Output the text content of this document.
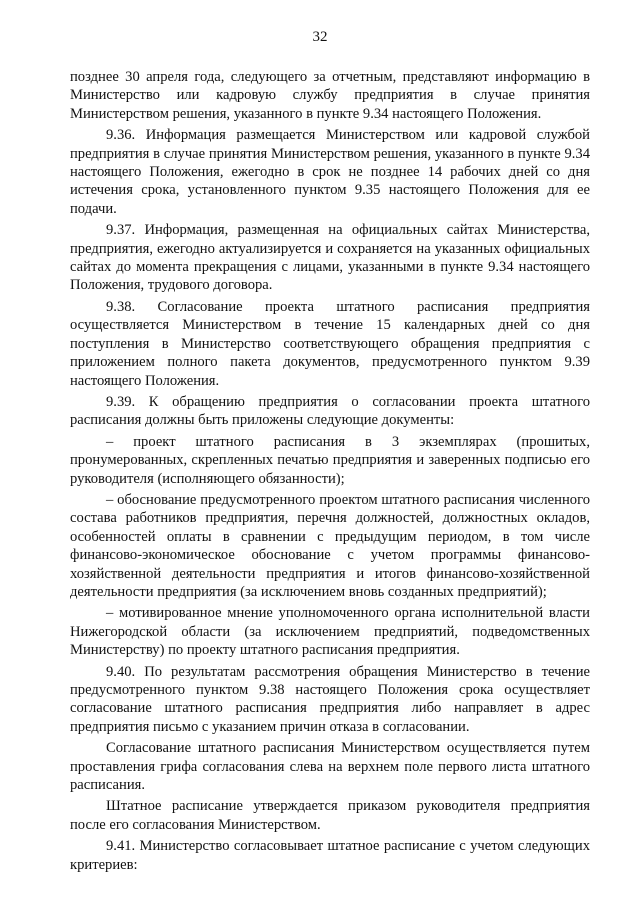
32

позднее 30 апреля года, следующего за отчетным, представляют информацию в Министерство или кадровую службу предприятия в случае принятия Министерством решения, указанного в пункте 9.34 настоящего Положения.

9.36. Информация размещается Министерством или кадровой службой предприятия в случае принятия Министерством решения, указанного в пункте 9.34 настоящего Положения, ежегодно в срок не позднее 14 рабочих дней со дня истечения срока, установленного пунктом 9.35 настоящего Положения для ее подачи.

9.37. Информация, размещенная на официальных сайтах Министерства, предприятия, ежегодно актуализируется и сохраняется на указанных официальных сайтах до момента прекращения с лицами, указанными в пункте 9.34 настоящего Положения, трудового договора.

9.38. Согласование проекта штатного расписания предприятия осуществляется Министерством в течение 15 календарных дней со дня поступления в Министерство соответствующего обращения предприятия с приложением полного пакета документов, предусмотренного пунктом 9.39 настоящего Положения.

9.39. К обращению предприятия о согласовании проекта штатного расписания должны быть приложены следующие документы:

– проект штатного расписания в 3 экземплярах (прошитых, пронумерованных, скрепленных печатью предприятия и заверенных подписью его руководителя (исполняющего обязанности);

– обоснование предусмотренного проектом штатного расписания численного состава работников предприятия, перечня должностей, должностных окладов, особенностей оплаты в сравнении с предыдущим периодом, в том числе финансово-экономическое обоснование с учетом программы финансово-хозяйственной деятельности предприятия и итогов финансово-хозяйственной деятельности предприятия (за исключением вновь созданных предприятий);

– мотивированное мнение уполномоченного органа исполнительной власти Нижегородской области (за исключением предприятий, подведомственных Министерству) по проекту штатного расписания предприятия.

9.40. По результатам рассмотрения обращения Министерство в течение предусмотренного пунктом 9.38 настоящего Положения срока осуществляет согласование штатного расписания предприятия либо направляет в адрес предприятия письмо с указанием причин отказа в согласовании.

Согласование штатного расписания Министерством осуществляется путем проставления грифа согласования слева на верхнем поле первого листа штатного расписания.

Штатное расписание утверждается приказом руководителя предприятия после его согласования Министерством.

9.41. Министерство согласовывает штатное расписание с учетом следующих критериев:
